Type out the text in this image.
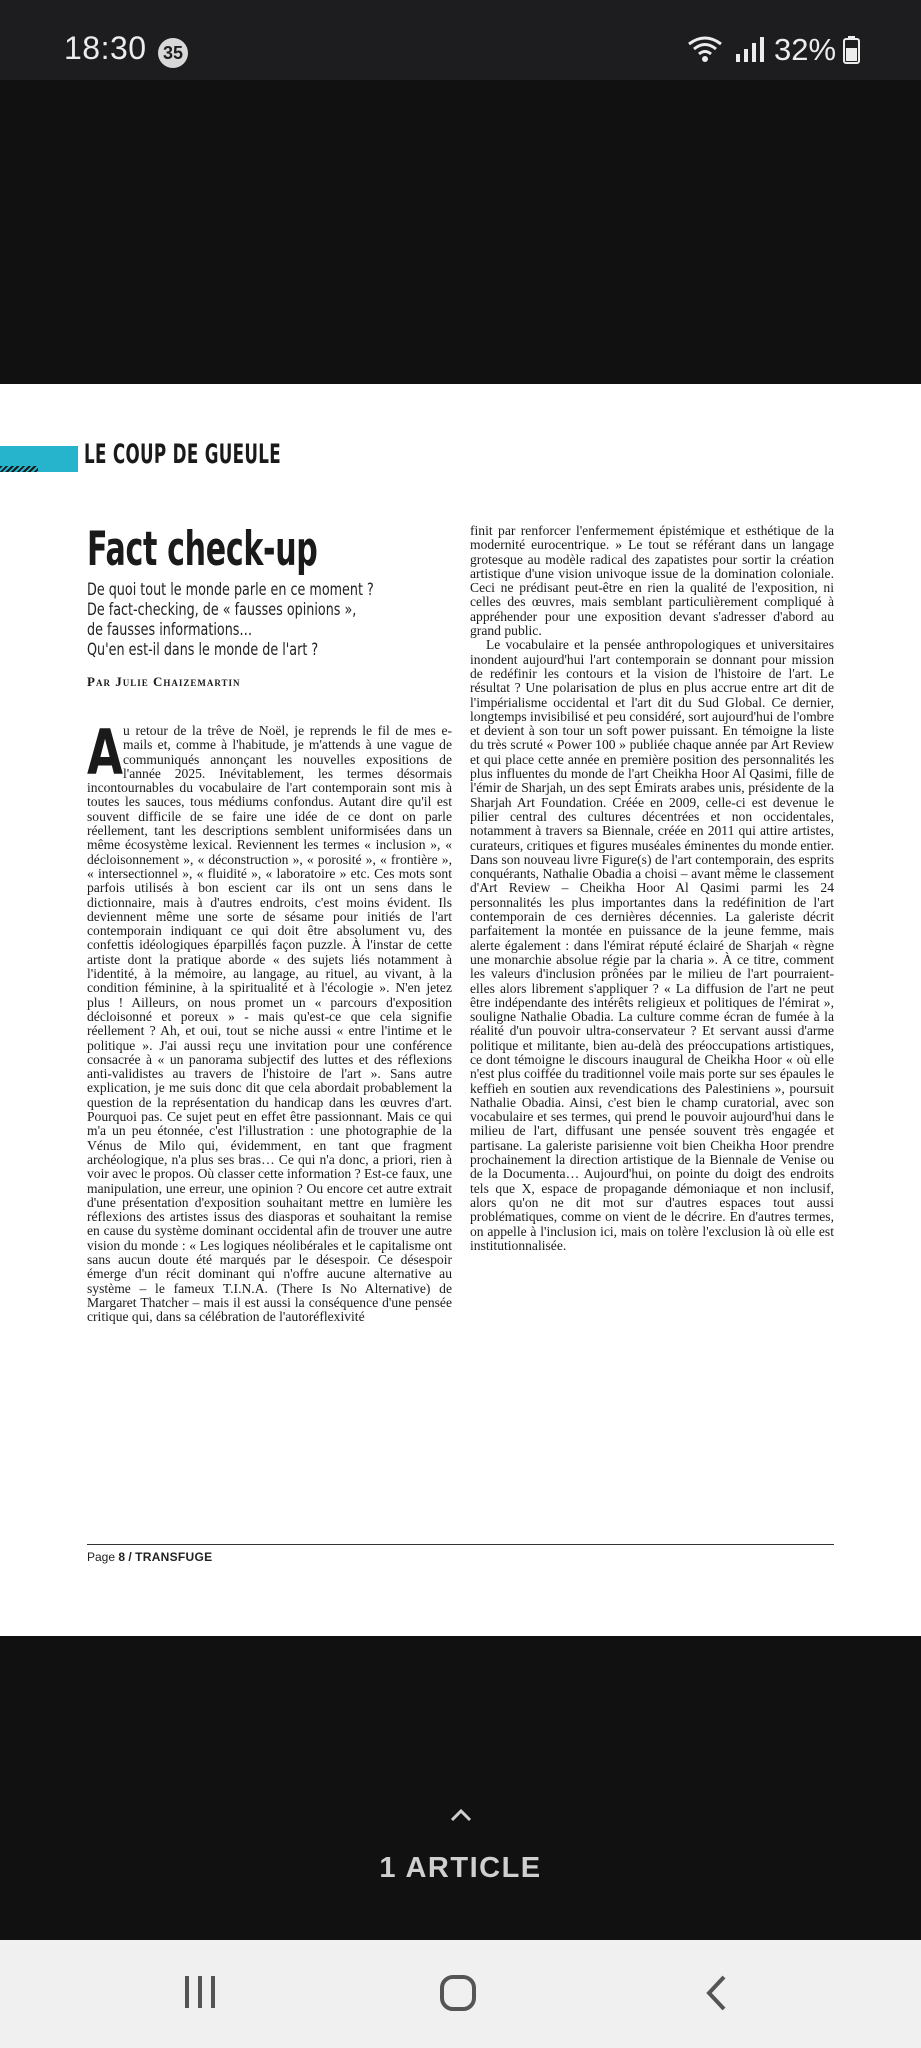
18:30 35	32%
LE COUP DE GUEULE
Fact check-up
De quoi tout le monde parle en ce moment ?
De fact-checking, de « fausses opinions »,
de fausses informations…
Qu'en est-il dans le monde de l'art ?
Par Julie Chaizemartin
A u retour de la trêve de Noël, je reprends le fil de mes e-mails et, comme à l'habitude, je m'attends à une vague de communiqués annonçant les nouvelles expositions de l'année 2025. Inévitablement, les termes désormais incontournables du vocabulaire de l'art contemporain sont mis à toutes les sauces, tous médiums confondus. Autant dire qu'il est souvent difficile de se faire une idée de ce dont on parle réellement, tant les descriptions semblent uniformisées dans un même écosystème lexical. Reviennent les termes « inclusion », « décloisonnement », « déconstruction », « porosité », « frontière », « intersectionnel », « fluidité », « laboratoire » etc. Ces mots sont parfois utilisés à bon escient car ils ont un sens dans le dictionnaire, mais à d'autres endroits, c'est moins évident. Ils deviennent même une sorte de sésame pour initiés de l'art contemporain indiquant ce qui doit être absolument vu, des confettis idéologiques éparpillés façon puzzle. À l'instar de cette artiste dont la pratique aborde « des sujets liés notamment à l'identité, à la mémoire, au langage, au rituel, au vivant, à la condition féminine, à la spiritualité et à l'écologie ». N'en jetez plus ! Ailleurs, on nous promet un « parcours d'exposition décloisonné et poreux » - mais qu'est-ce que cela signifie réellement ? Ah, et oui, tout se niche aussi « entre l'intime et le politique ». J'ai aussi reçu une invitation pour une conférence consacrée à « un panorama subjectif des luttes et des réflexions anti-validistes au travers de l'histoire de l'art ». Sans autre explication, je me suis donc dit que cela abordait probablement la question de la représentation du handicap dans les œuvres d'art. Pourquoi pas. Ce sujet peut en effet être passionnant. Mais ce qui m'a un peu étonnée, c'est l'illustration : une photographie de la Vénus de Milo qui, évidemment, en tant que fragment archéologique, n'a plus ses bras… Ce qui n'a donc, a priori, rien à voir avec le propos. Où classer cette information ? Est-ce faux, une manipulation, une erreur, une opinion ? Ou encore cet autre extrait d'une présentation d'exposition souhaitant mettre en lumière les réflexions des artistes issus des diasporas et souhaitant la remise en cause du système dominant occidental afin de trouver une autre vision du monde : « Les logiques néolibérales et le capitalisme ont sans aucun doute été marqués par le désespoir. Ce désespoir émerge d'un récit dominant qui n'offre aucune alternative au système – le fameux T.I.N.A. (There Is No Alternative) de Margaret Thatcher – mais il est aussi la conséquence d'une pensée critique qui, dans sa célébration de l'autoréflexivité

finit par renforcer l'enfermement épistémique et esthétique de la modernité eurocentrique. » Le tout se référant dans un langage grotesque au modèle radical des zapatistes pour sortir la création artistique d'une vision univoque issue de la domination coloniale. Ceci ne prédisant peut-être en rien la qualité de l'exposition, ni celles des œuvres, mais semblant particulièrement compliqué à appréhender pour une exposition devant s'adresser d'abord au grand public.

Le vocabulaire et la pensée anthropologiques et universitaires inondent aujourd'hui l'art contemporain se donnant pour mission de redéfinir les contours et la vision de l'histoire de l'art. Le résultat ? Une polarisation de plus en plus accrue entre art dit de l'impérialisme occidental et l'art dit du Sud Global. Ce dernier, longtemps invisibilisé et peu considéré, sort aujourd'hui de l'ombre et devient à son tour un soft power puissant. En témoigne la liste du très scruté « Power 100 » publiée chaque année par Art Review et qui place cette année en première position des personnalités les plus influentes du monde de l'art Cheikha Hoor Al Qasimi, fille de l'émir de Sharjah, un des sept Émirats arabes unis, présidente de la Sharjah Art Foundation. Créée en 2009, celle-ci est devenue le pilier central des cultures décentrées et non occidentales, notamment à travers sa Biennale, créée en 2011 qui attire artistes, curateurs, critiques et figures muséales éminentes du monde entier. Dans son nouveau livre Figure(s) de l'art contemporain, des esprits conquérants, Nathalie Obadia a choisi – avant même le classement d'Art Review – Cheikha Hoor Al Qasimi parmi les 24 personnalités les plus importantes dans la redéfinition de l'art contemporain de ces dernières décennies. La galeriste décrit parfaitement la montée en puissance de la jeune femme, mais alerte également : dans l'émirat réputé éclairé de Sharjah « règne une monarchie absolue régie par la charia ». À ce titre, comment les valeurs d'inclusion prônées par le milieu de l'art pourraient-elles alors librement s'appliquer ? « La diffusion de l'art ne peut être indépendante des intérêts religieux et politiques de l'émirat », souligne Nathalie Obadia. La culture comme écran de fumée à la réalité d'un pouvoir ultra-conservateur ? Et servant aussi d'arme politique et militante, bien au-delà des préoccupations artistiques, ce dont témoigne le discours inaugural de Cheikha Hoor « où elle n'est plus coiffée du traditionnel voile mais porte sur ses épaules le keffieh en soutien aux revendications des Palestiniens », poursuit Nathalie Obadia. Ainsi, c'est bien le champ curatorial, avec son vocabulaire et ses termes, qui prend le pouvoir aujourd'hui dans le milieu de l'art, diffusant une pensée souvent très engagée et partisane. La galeriste parisienne voit bien Cheikha Hoor prendre prochainement la direction artistique de la Biennale de Venise ou de la Documenta… Aujourd'hui, on pointe du doigt des endroits tels que X, espace de propagande démoniaque et non inclusif, alors qu'on ne dit mot sur d'autres espaces tout aussi problématiques, comme on vient de le décrire. En d'autres termes, on appelle à l'inclusion ici, mais on tolère l'exclusion là où elle est institutionnalisée.

Page 8 / TRANSFUGE
1 ARTICLE
